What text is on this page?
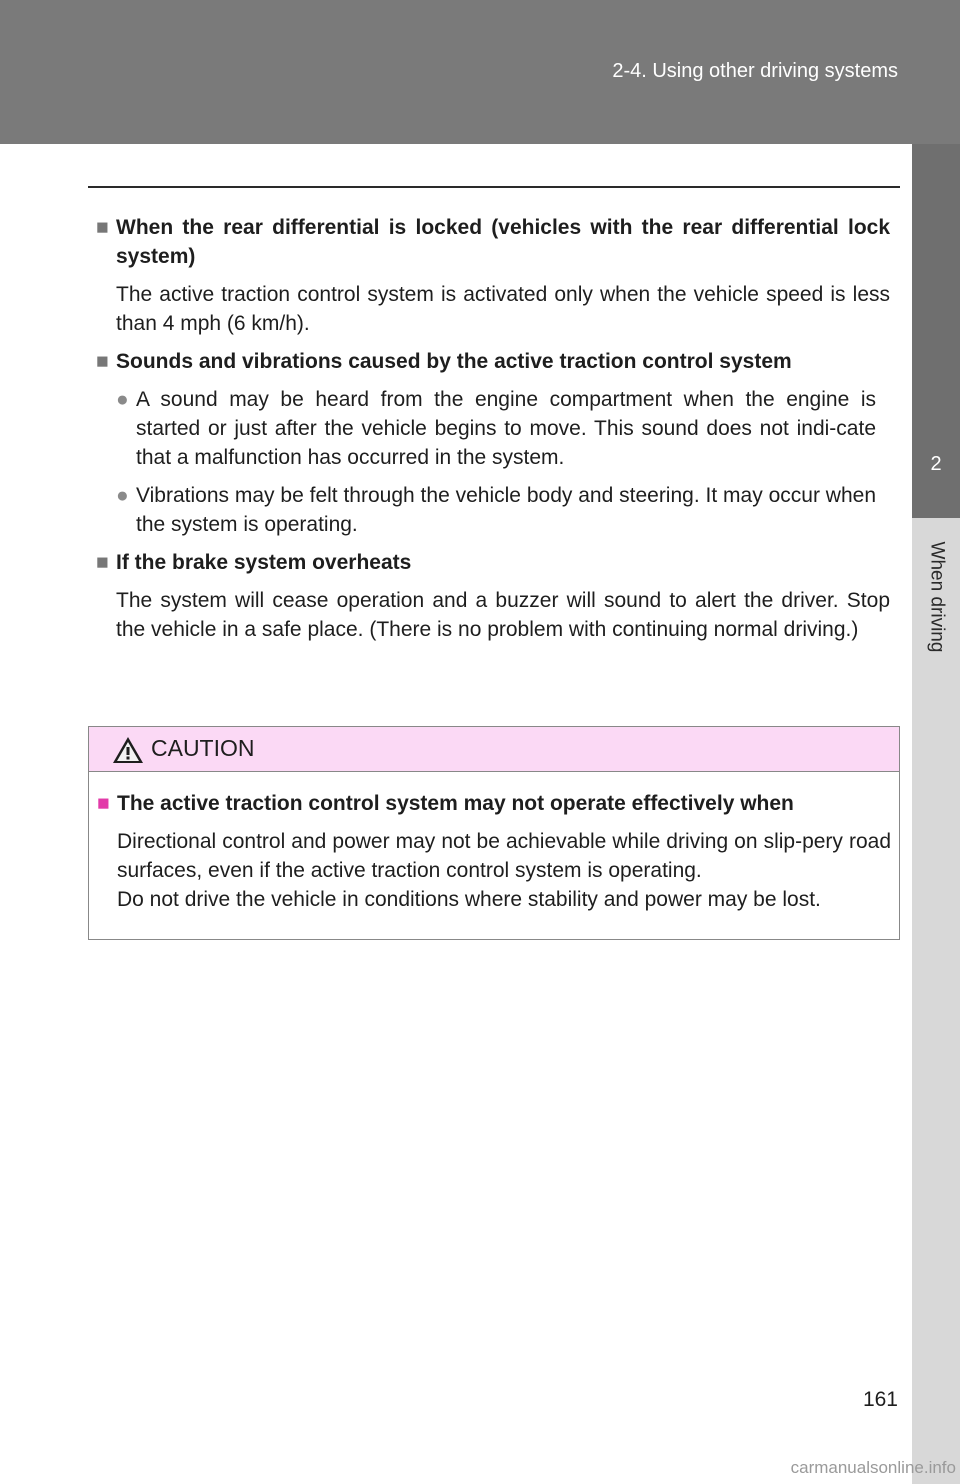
2-4. Using other driving systems
2
When driving

■ When the rear differential is locked (vehicles with the rear differential lock system)

The active traction control system is activated only when the vehicle speed is less than 4 mph (6 km/h).

■ Sounds and vibrations caused by the active traction control system

● A sound may be heard from the engine compartment when the engine is started or just after the vehicle begins to move. This sound does not indi-cate that a malfunction has occurred in the system.

● Vibrations may be felt through the vehicle body and steering. It may occur when the system is operating.

■ If the brake system overheats

The system will cease operation and a buzzer will sound to alert the driver. Stop the vehicle in a safe place. (There is no problem with continuing normal driving.)

CAUTION

■ The active traction control system may not operate effectively when

Directional control and power may not be achievable while driving on slip-pery road surfaces, even if the active traction control system is operating.

Do not drive the vehicle in conditions where stability and power may be lost.

161
carmanualsonline.info
